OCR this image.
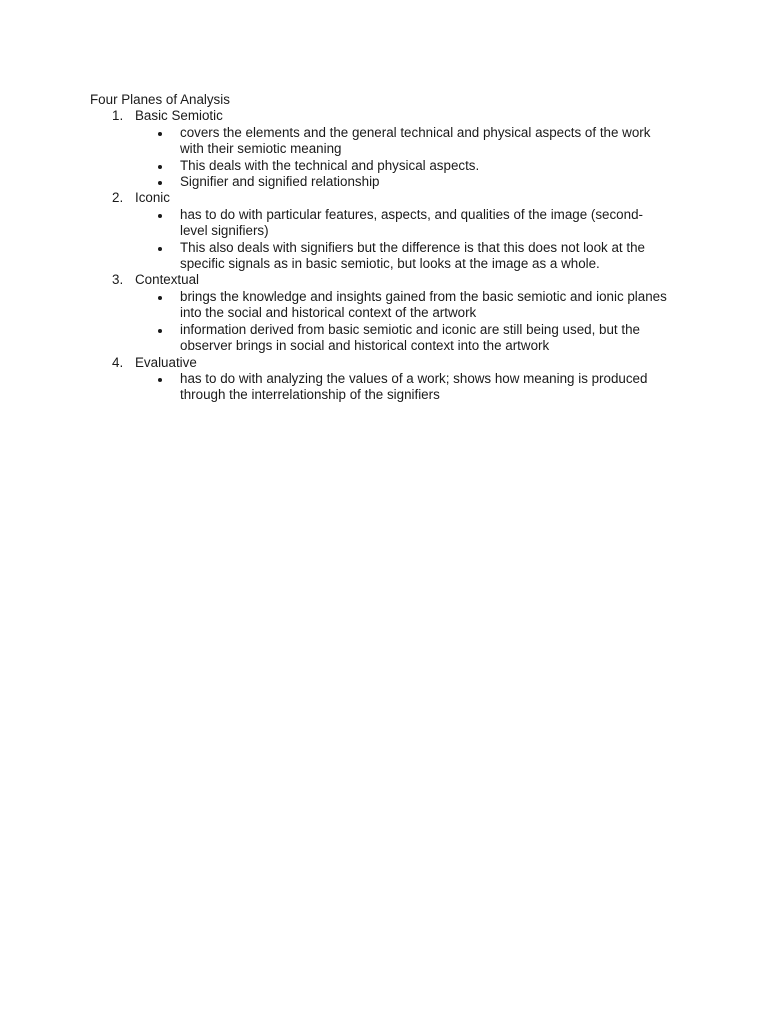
Four Planes of Analysis
1. Basic Semiotic
covers the elements and the general technical and physical aspects of the work with their semiotic meaning
This deals with the technical and physical aspects.
Signifier and signified relationship
2. Iconic
has to do with particular features, aspects, and qualities of the image (second-level signifiers)
This also deals with signifiers but the difference is that this does not look at the specific signals as in basic semiotic, but looks at the image as a whole.
3. Contextual
brings the knowledge and insights gained from the basic semiotic and ionic planes into the social and historical context of the artwork
information derived from basic semiotic and iconic are still being used, but the observer brings in social and historical context into the artwork
4. Evaluative
has to do with analyzing the values of a work; shows how meaning is produced through the interrelationship of the signifiers
